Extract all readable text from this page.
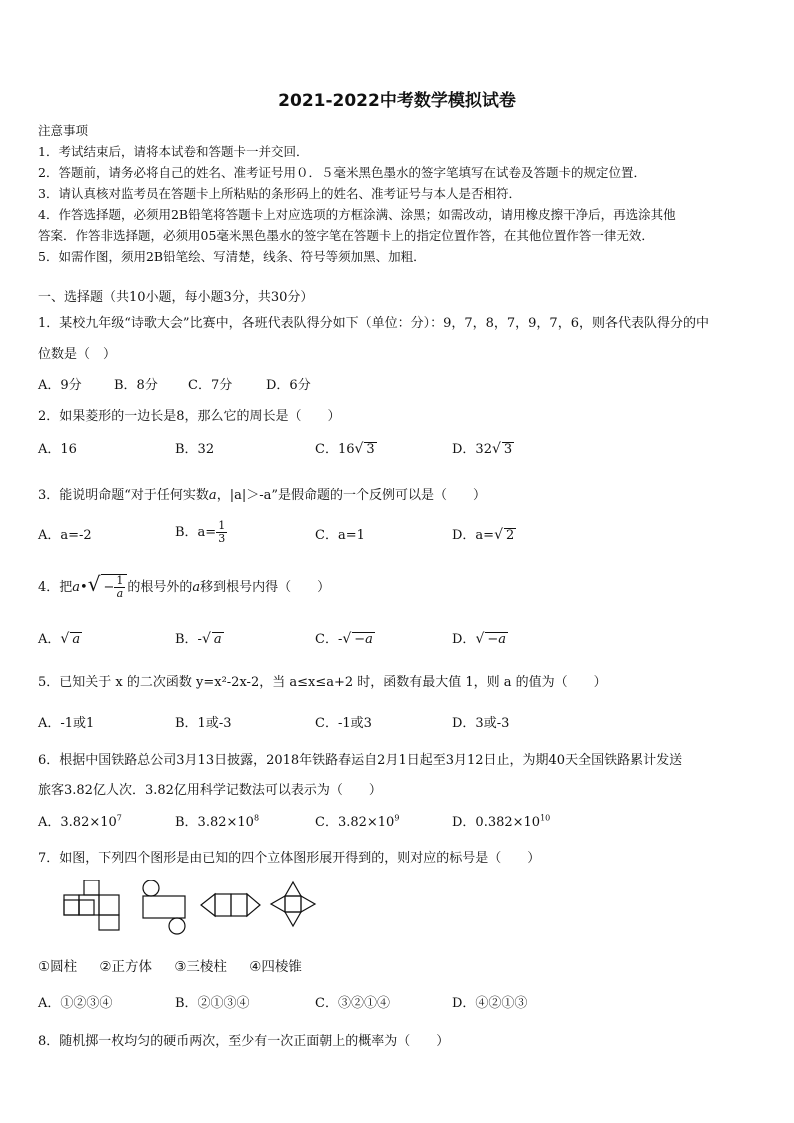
2021-2022中考数学模拟试卷
注意事项
1．考试结束后，请将本试卷和答题卡一并交回．
2．答题前，请务必将自己的姓名、准考证号用０．５毫米黑色墨水的签字笔填写在试卷及答题卡的规定位置．
3．请认真核对监考员在答题卡上所粘贴的条形码上的姓名、准考证号与本人是否相符．
4．作答选择题，必须用2B铅笔将答题卡上对应选项的方框涂满、涂黑；如需改动，请用橡皮擦干净后，再选涂其他
答案．作答非选择题，必须用05毫米黑色墨水的签字笔在答题卡上的指定位置作答，在其他位置作答一律无效．
5．如需作图，须用2B铅笔绘、写清楚，线条、符号等须加黑、加粗．
一、选择题（共10小题，每小题3分，共30分）
1．某校九年级“诗歌大会”比赛中，各班代表队得分如下（单位：分）：9，7，8，7，9，7，6，则各代表队得分的中
位数是（　）
A．9分 B．8分 C．7分	D．6分
2．如果菱形的一边长是8，那么它的周长是（　　）
A．16	B．32	C．16√ 3	D．32√ 3
3．能说明命题“对于任何实数a，|a|＞-a”是假命题的一个反例可以是（　　）
A．a=-2	B．$a= \frac{1}{3}$	C．a=1	D．a=√ 2
4．把a•√ − $\frac{1}{a}$ 的根号外的a移到根号内得（　　）
A．√ a	B．-√ a	C．-√ −a	D．√ −a
5．已知关于 x 的二次函数 y=x²-2x-2，当 a≤x≤a+2 时，函数有最大值 1，则 a 的值为（　　）
A．-1或1	B．1或-3	C．-1或3	D．3或-3
6．根据中国铁路总公司3月13日披露，2018年铁路春运自2月1日起至3月12日止，为期40天全国铁路累计发送
旅客3.82亿人次．3.82亿用科学记数法可以表示为（　　）
A．$3.82\times 10^7$	B．$3.82\times 10^8$	C．$3.82\times 10^9$	D．$0.382\times 10^{10}$
7．如图，下列四个图形是由已知的四个立体图形展开得到的，则对应的标号是（　　）
①圆柱 ②正方体 ③三棱柱 ④四棱锥
A．①②③④	B．②①③④	C．③②①④	D．④②①③
8．随机掷一枚均匀的硬币两次，至少有一次正面朝上的概率为（　　）
